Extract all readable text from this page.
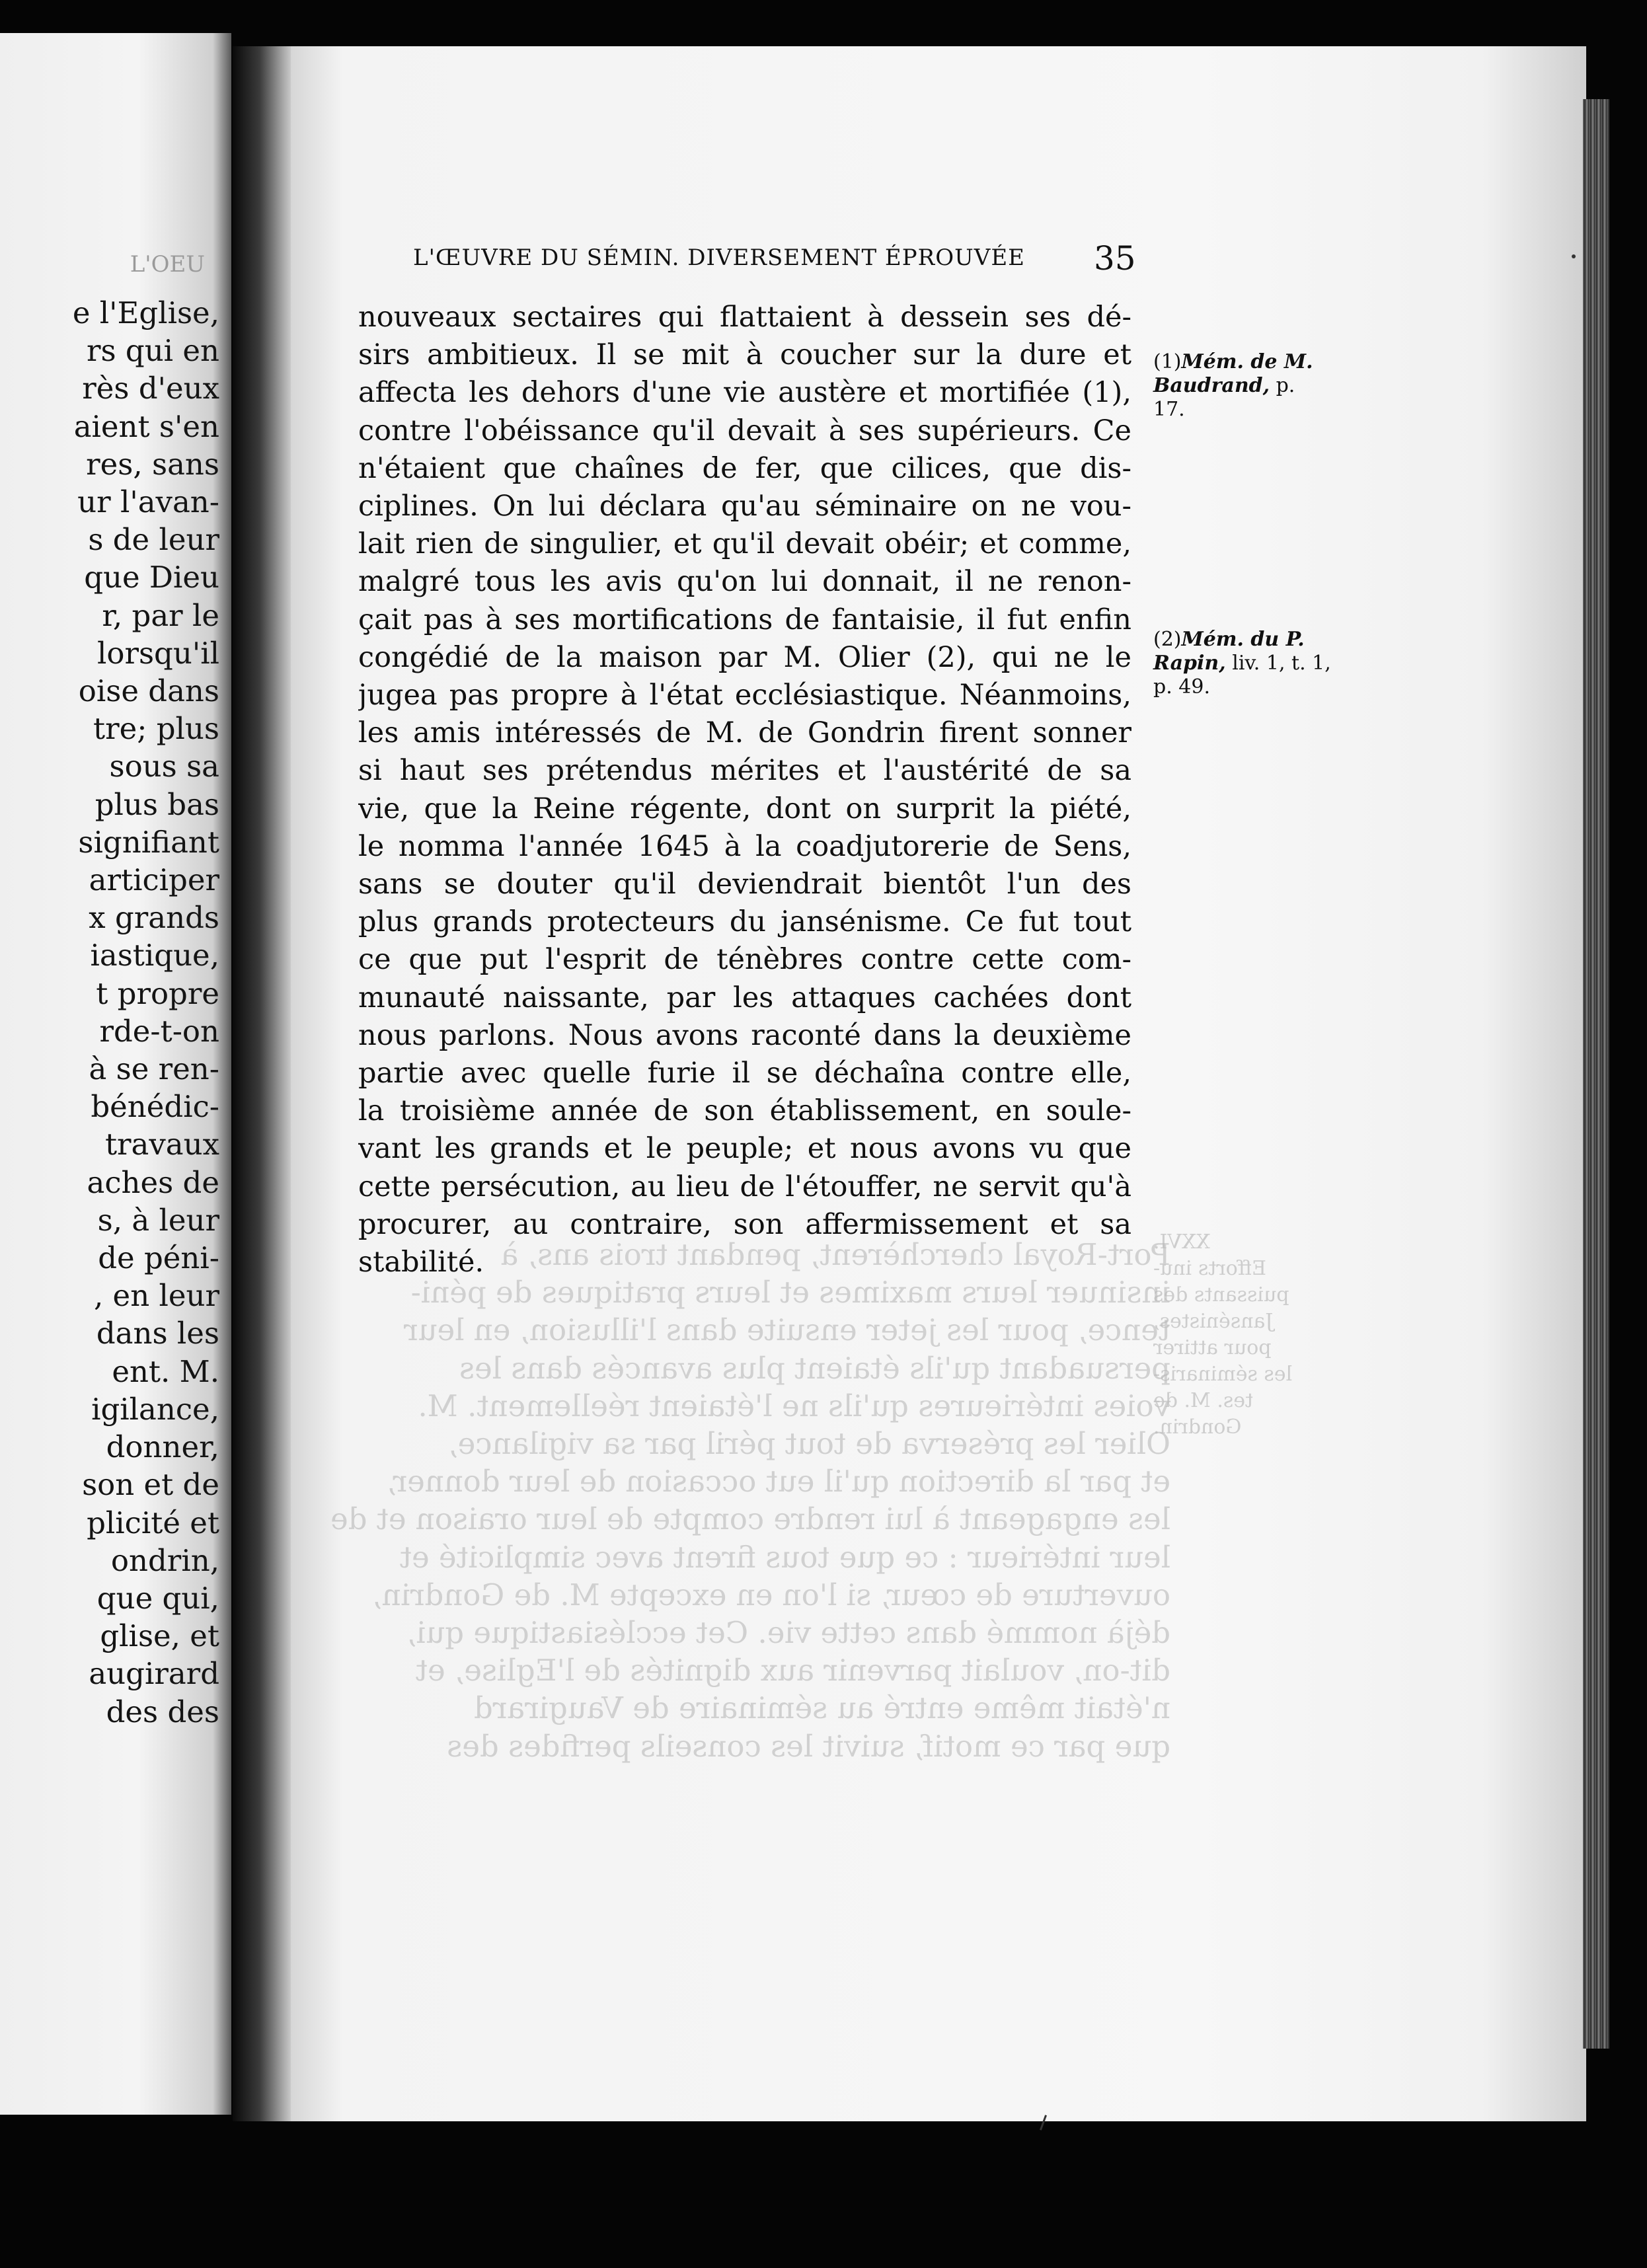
L'OEU
e l'Eglise,
rs qui en
rès d'eux
aient s'en
res, sans
ur l'avan-
s de leur
que Dieu
r, par le
lorsqu'il
oise dans
tre; plus
sous sa
plus bas
signifiant
articiper
x grands
iastique,
t propre
rde-t-on
à se ren-
bénédic-
travaux
aches de
s, à leur
de péni-
, en leur
dans les
ent. M.
igilance,
donner,
son et de
plicité et
ondrin,
que qui,
glise, et
augirard
des des
Port-Royal cherchèrent, pendant trois ans, à
insinuer leurs maximes et leurs pratiques de péni-
tence, pour les jeter ensuite dans l'illusion, en leur
persuadant qu'ils étaient plus avancés dans les
voies intérieures qu'ils ne l'étaient réellement. M.
Olier les préserva de tout péril par sa vigilance,
et par la direction qu'il eut occasion de leur donner,
les engageant à lui rendre compte de leur oraison et de
leur intérieur : ce que tous firent avec simplicité et
ouverture de cœur, si l'on en excepte M. de Gondrin,
déjà nommé dans cette vie. Cet ecclésiastique qui,
dit-on, voulait parvenir aux dignités de l'Eglise, et
n'était même entré au séminaire de Vaugirard
que par ce motif, suivit les conseils perfides des
XXVI.
Efforts inu-
puissants des
Jansénistes,
pour attirer
les séminaris-
tes. M. de
Gondrin.
L'ŒUVRE DU SÉMIN. DIVERSEMENT ÉPROUVÉE	35
nouveaux sectaires qui flattaient à dessein ses dé-
sirs ambitieux. Il se mit à coucher sur la dure et
affecta les dehors d'une vie austère et mortifiée (1),
contre l'obéissance qu'il devait à ses supérieurs. Ce
n'étaient que chaînes de fer, que cilices, que dis-
ciplines. On lui déclara qu'au séminaire on ne vou-
lait rien de singulier, et qu'il devait obéir; et comme,
malgré tous les avis qu'on lui donnait, il ne renon-
çait pas à ses mortifications de fantaisie, il fut enfin
congédié de la maison par M. Olier (2), qui ne le
jugea pas propre à l'état ecclésiastique. Néanmoins,
les amis intéressés de M. de Gondrin firent sonner
si haut ses prétendus mérites et l'austérité de sa
vie, que la Reine régente, dont on surprit la piété,
le nomma l'année 1645 à la coadjutorerie de Sens,
sans se douter qu'il deviendrait bientôt l'un des
plus grands protecteurs du jansénisme. Ce fut tout
ce que put l'esprit de ténèbres contre cette com-
munauté naissante, par les attaques cachées dont
nous parlons. Nous avons raconté dans la deuxième
partie avec quelle furie il se déchaîna contre elle,
la troisième année de son établissement, en soule-
vant les grands et le peuple; et nous avons vu que
cette persécution, au lieu de l'étouffer, ne servit qu'à
procurer, au contraire, son affermissement et sa
stabilité.
(1)Mém. de M.
Baudrand, p.
17.
(2)Mém. du P.
Rapin, liv. 1, t. 1,
p. 49.
